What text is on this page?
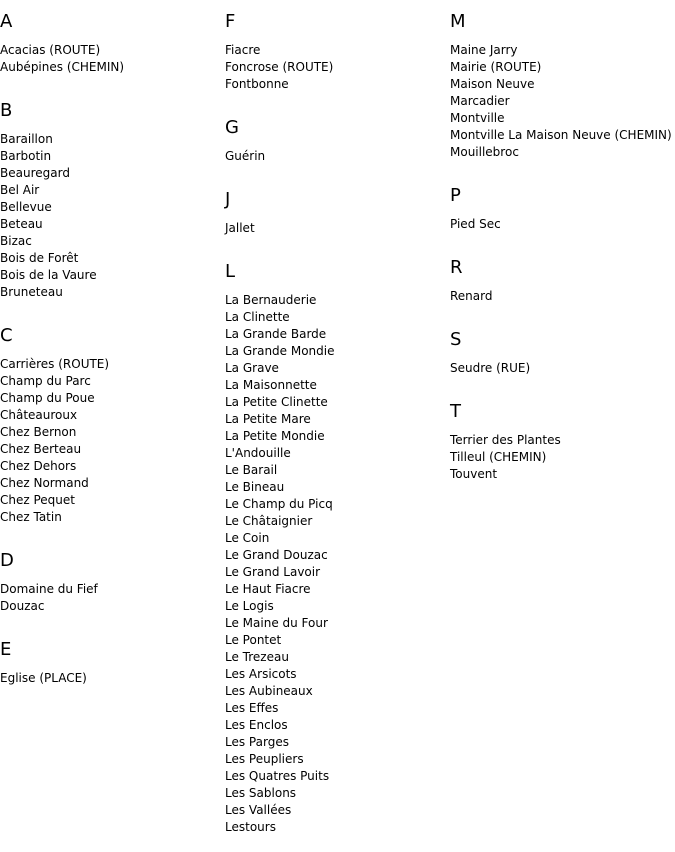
A
Acacias (ROUTE)
Aubépines (CHEMIN)
B
Baraillon
Barbotin
Beauregard
Bel Air
Bellevue
Beteau
Bizac
Bois de Forêt
Bois de la Vaure
Bruneteau
C
Carrières (ROUTE)
Champ du Parc
Champ du Poue
Châteauroux
Chez Bernon
Chez Berteau
Chez Dehors
Chez Normand
Chez Pequet
Chez Tatin
D
Domaine du Fief
Douzac
E
Eglise (PLACE)
F
Fiacre
Foncrose (ROUTE)
Fontbonne
G
Guérin
J
Jallet
L
La Bernauderie
La Clinette
La Grande Barde
La Grande Mondie
La Grave
La Maisonnette
La Petite Clinette
La Petite Mare
La Petite Mondie
L'Andouille
Le Barail
Le Bineau
Le Champ du Picq
Le Châtaignier
Le Coin
Le Grand Douzac
Le Grand Lavoir
Le Haut Fiacre
Le Logis
Le Maine du Four
Le Pontet
Le Trezeau
Les Arsicots
Les Aubineaux
Les Effes
Les Enclos
Les Parges
Les Peupliers
Les Quatres Puits
Les Sablons
Les Vallées
Lestours
M
Maine Jarry
Mairie (ROUTE)
Maison Neuve
Marcadier
Montville
Montville La Maison Neuve (CHEMIN)
Mouillebroc
P
Pied Sec
R
Renard
S
Seudre (RUE)
T
Terrier des Plantes
Tilleul (CHEMIN)
Touvent
